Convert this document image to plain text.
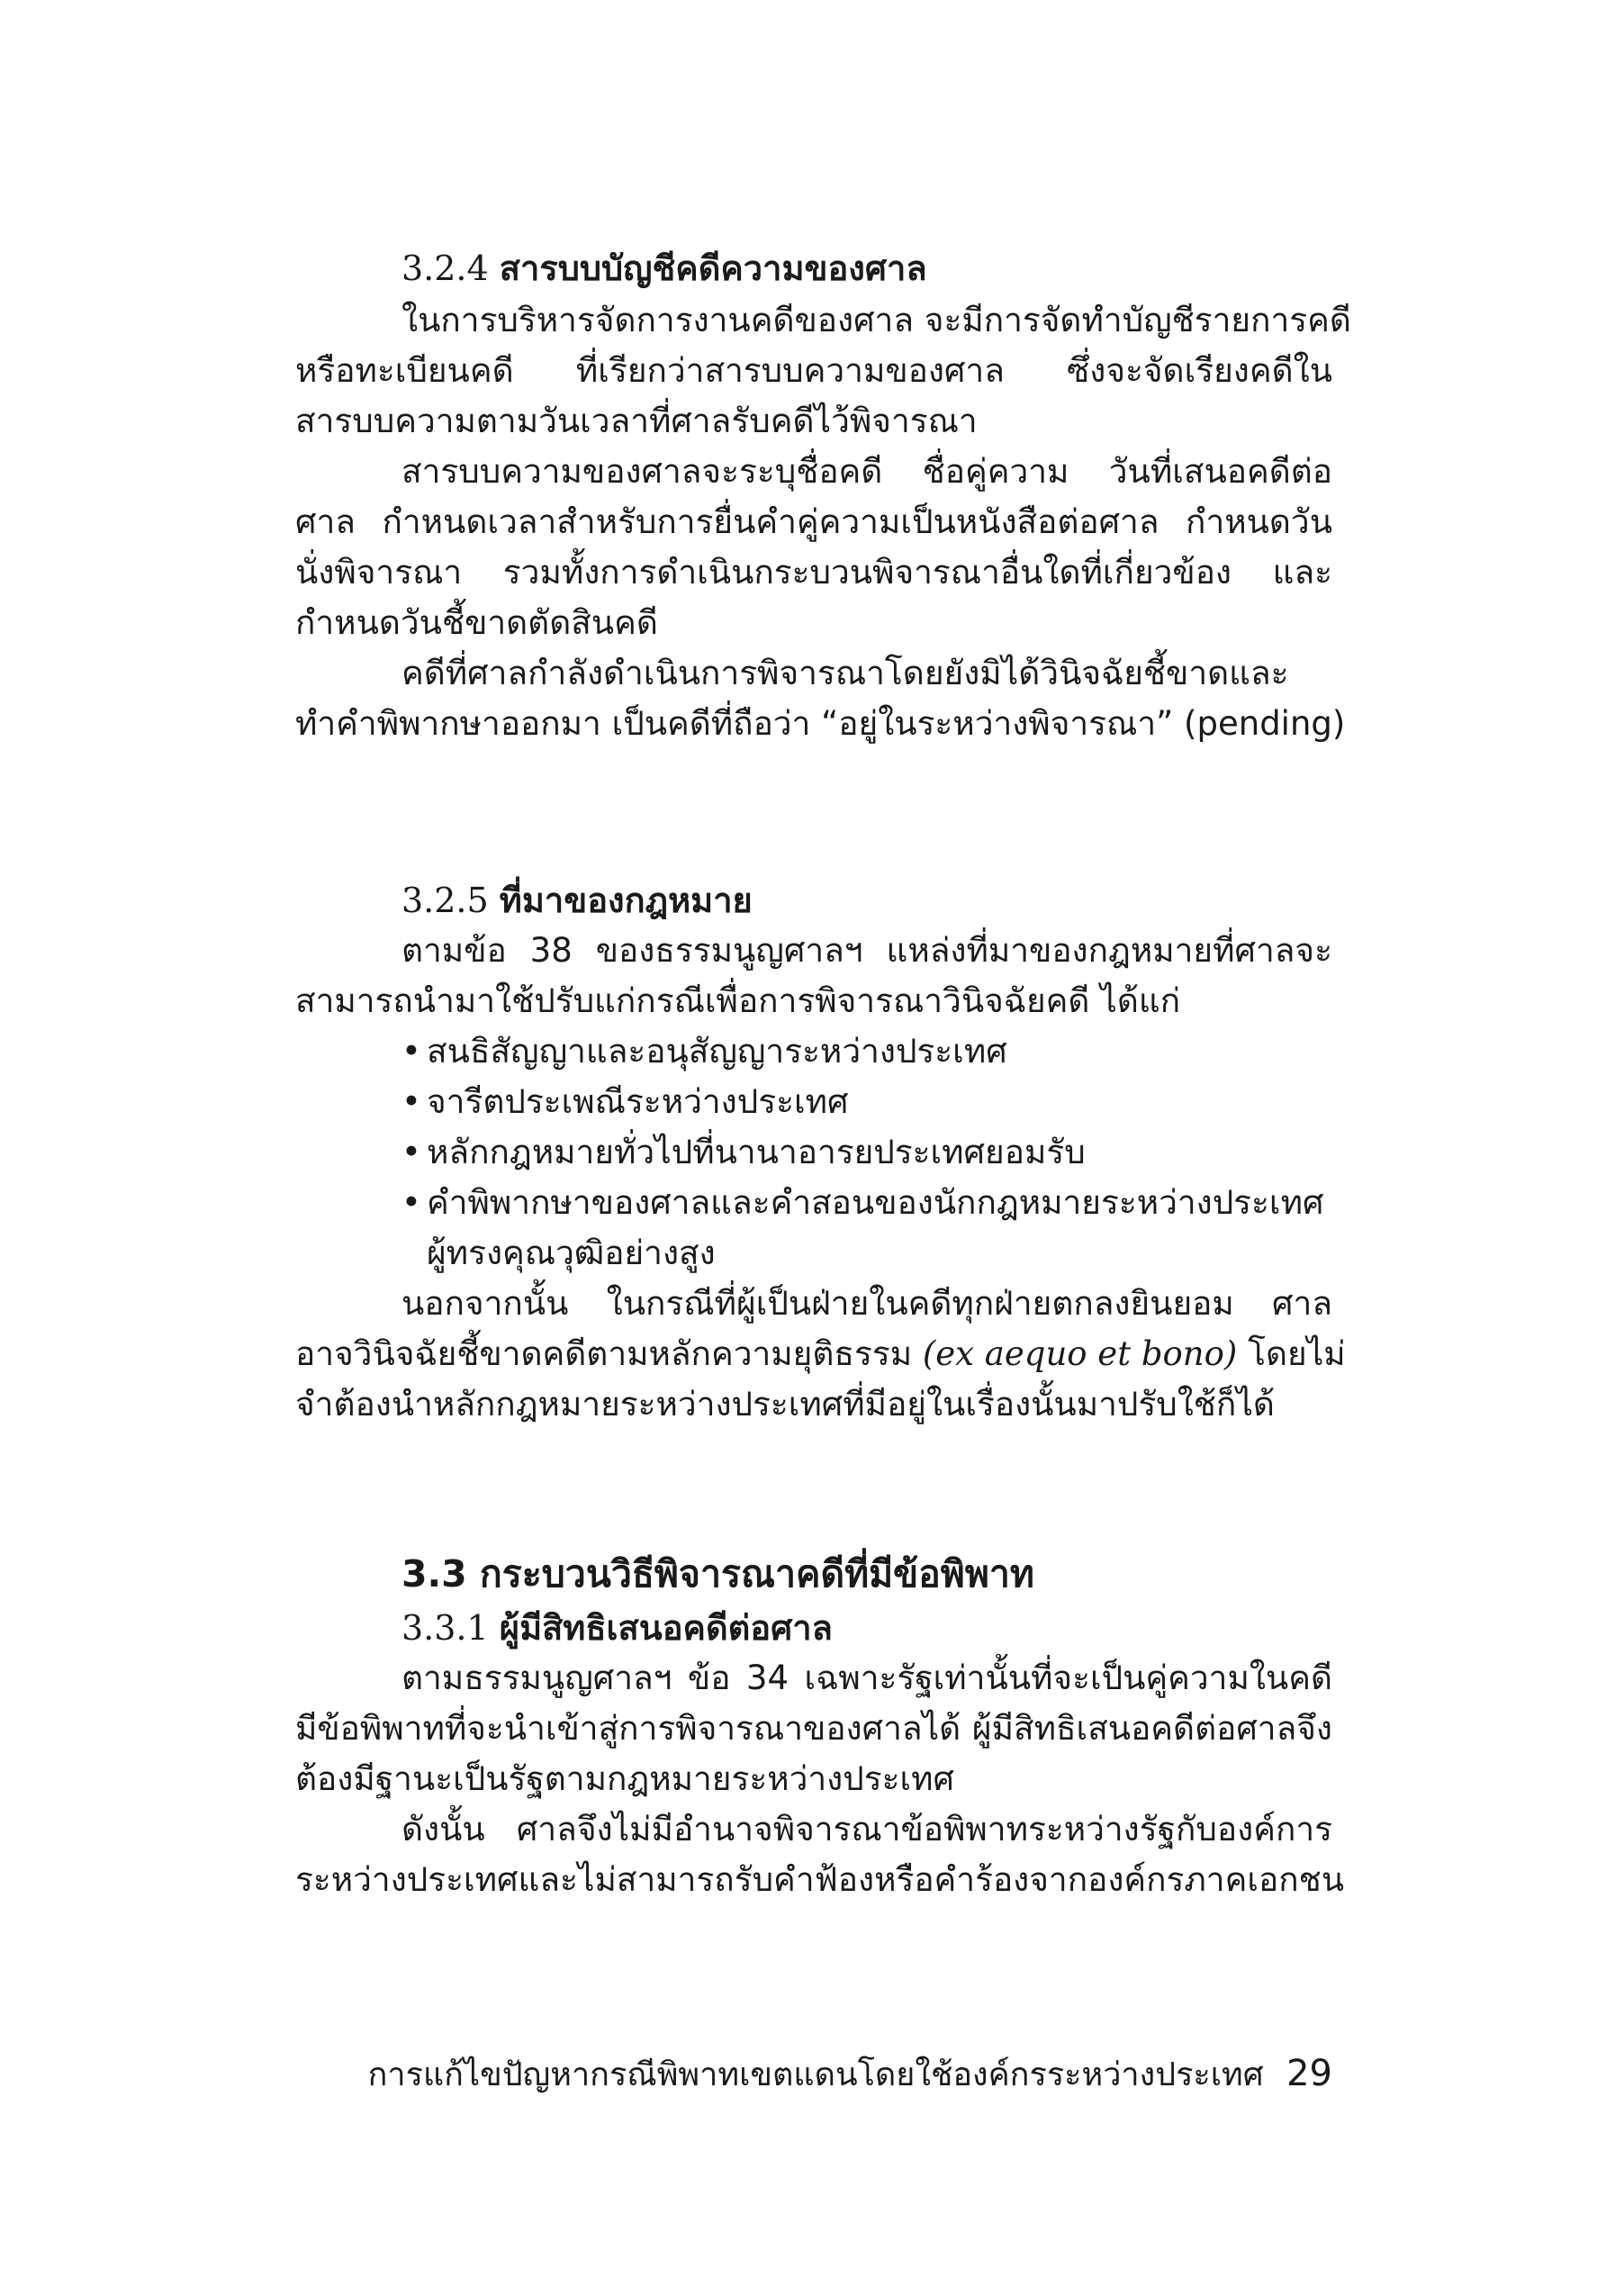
3.2.4 สารบบบัญชีคดีความของศาล
ในการบริหารจัดการงานคดีของศาล จะมีการจัดทำบัญชีรายการคดี
หรือทะเบียนคดี ที่เรียกว่าสารบบความของศาล ซึ่งจะจัดเรียงคดีใน
สารบบความตามวันเวลาที่ศาลรับคดีไว้พิจารณา
สารบบความของศาลจะระบุชื่อคดี ชื่อคู่ความ วันที่เสนอคดีต่อ
ศาล กำหนดเวลาสำหรับการยื่นคำคู่ความเป็นหนังสือต่อศาล กำหนดวัน
นั่งพิจารณา รวมทั้งการดำเนินกระบวนพิจารณาอื่นใดที่เกี่ยวข้อง และ
กำหนดวันชี้ขาดตัดสินคดี
คดีที่ศาลกำลังดำเนินการพิจารณาโดยยังมิได้วินิจฉัยชี้ขาดและ
ทำคำพิพากษาออกมา เป็นคดีที่ถือว่า “อยู่ในระหว่างพิจารณา” (pending)
3.2.5 ที่มาของกฎหมาย
ตามข้อ 38 ของธรรมนูญศาลฯ แหล่งที่มาของกฎหมายที่ศาลจะ
สามารถนำมาใช้ปรับแก่กรณีเพื่อการพิจารณาวินิจฉัยคดี ได้แก่
• สนธิสัญญาและอนุสัญญาระหว่างประเทศ
• จารีตประเพณีระหว่างประเทศ
• หลักกฎหมายทั่วไปที่นานาอารยประเทศยอมรับ
• คำพิพากษาของศาลและคำสอนของนักกฎหมายระหว่างประเทศ
ผู้ทรงคุณวุฒิอย่างสูง
นอกจากนั้น ในกรณีที่ผู้เป็นฝ่ายในคดีทุกฝ่ายตกลงยินยอม ศาล
อาจวินิจฉัยชี้ขาดคดีตามหลักความยุติธรรม (ex aequo et bono) โดยไม่
จำต้องนำหลักกฎหมายระหว่างประเทศที่มีอยู่ในเรื่องนั้นมาปรับใช้ก็ได้
3.3 กระบวนวิธีพิจารณาคดีที่มีข้อพิพาท
3.3.1 ผู้มีสิทธิเสนอคดีต่อศาล
ตามธรรมนูญศาลฯ ข้อ 34 เฉพาะรัฐเท่านั้นที่จะเป็นคู่ความในคดี
มีข้อพิพาทที่จะนำเข้าสู่การพิจารณาของศาลได้ ผู้มีสิทธิเสนอคดีต่อศาลจึง
ต้องมีฐานะเป็นรัฐตามกฎหมายระหว่างประเทศ
ดังนั้น ศาลจึงไม่มีอำนาจพิจารณาข้อพิพาทระหว่างรัฐกับองค์การ
ระหว่างประเทศและไม่สามารถรับคำฟ้องหรือคำร้องจากองค์กรภาคเอกชน
การแก้ไขปัญหากรณีพิพาทเขตแดนโดยใช้องค์กรระหว่างประเทศ 29
